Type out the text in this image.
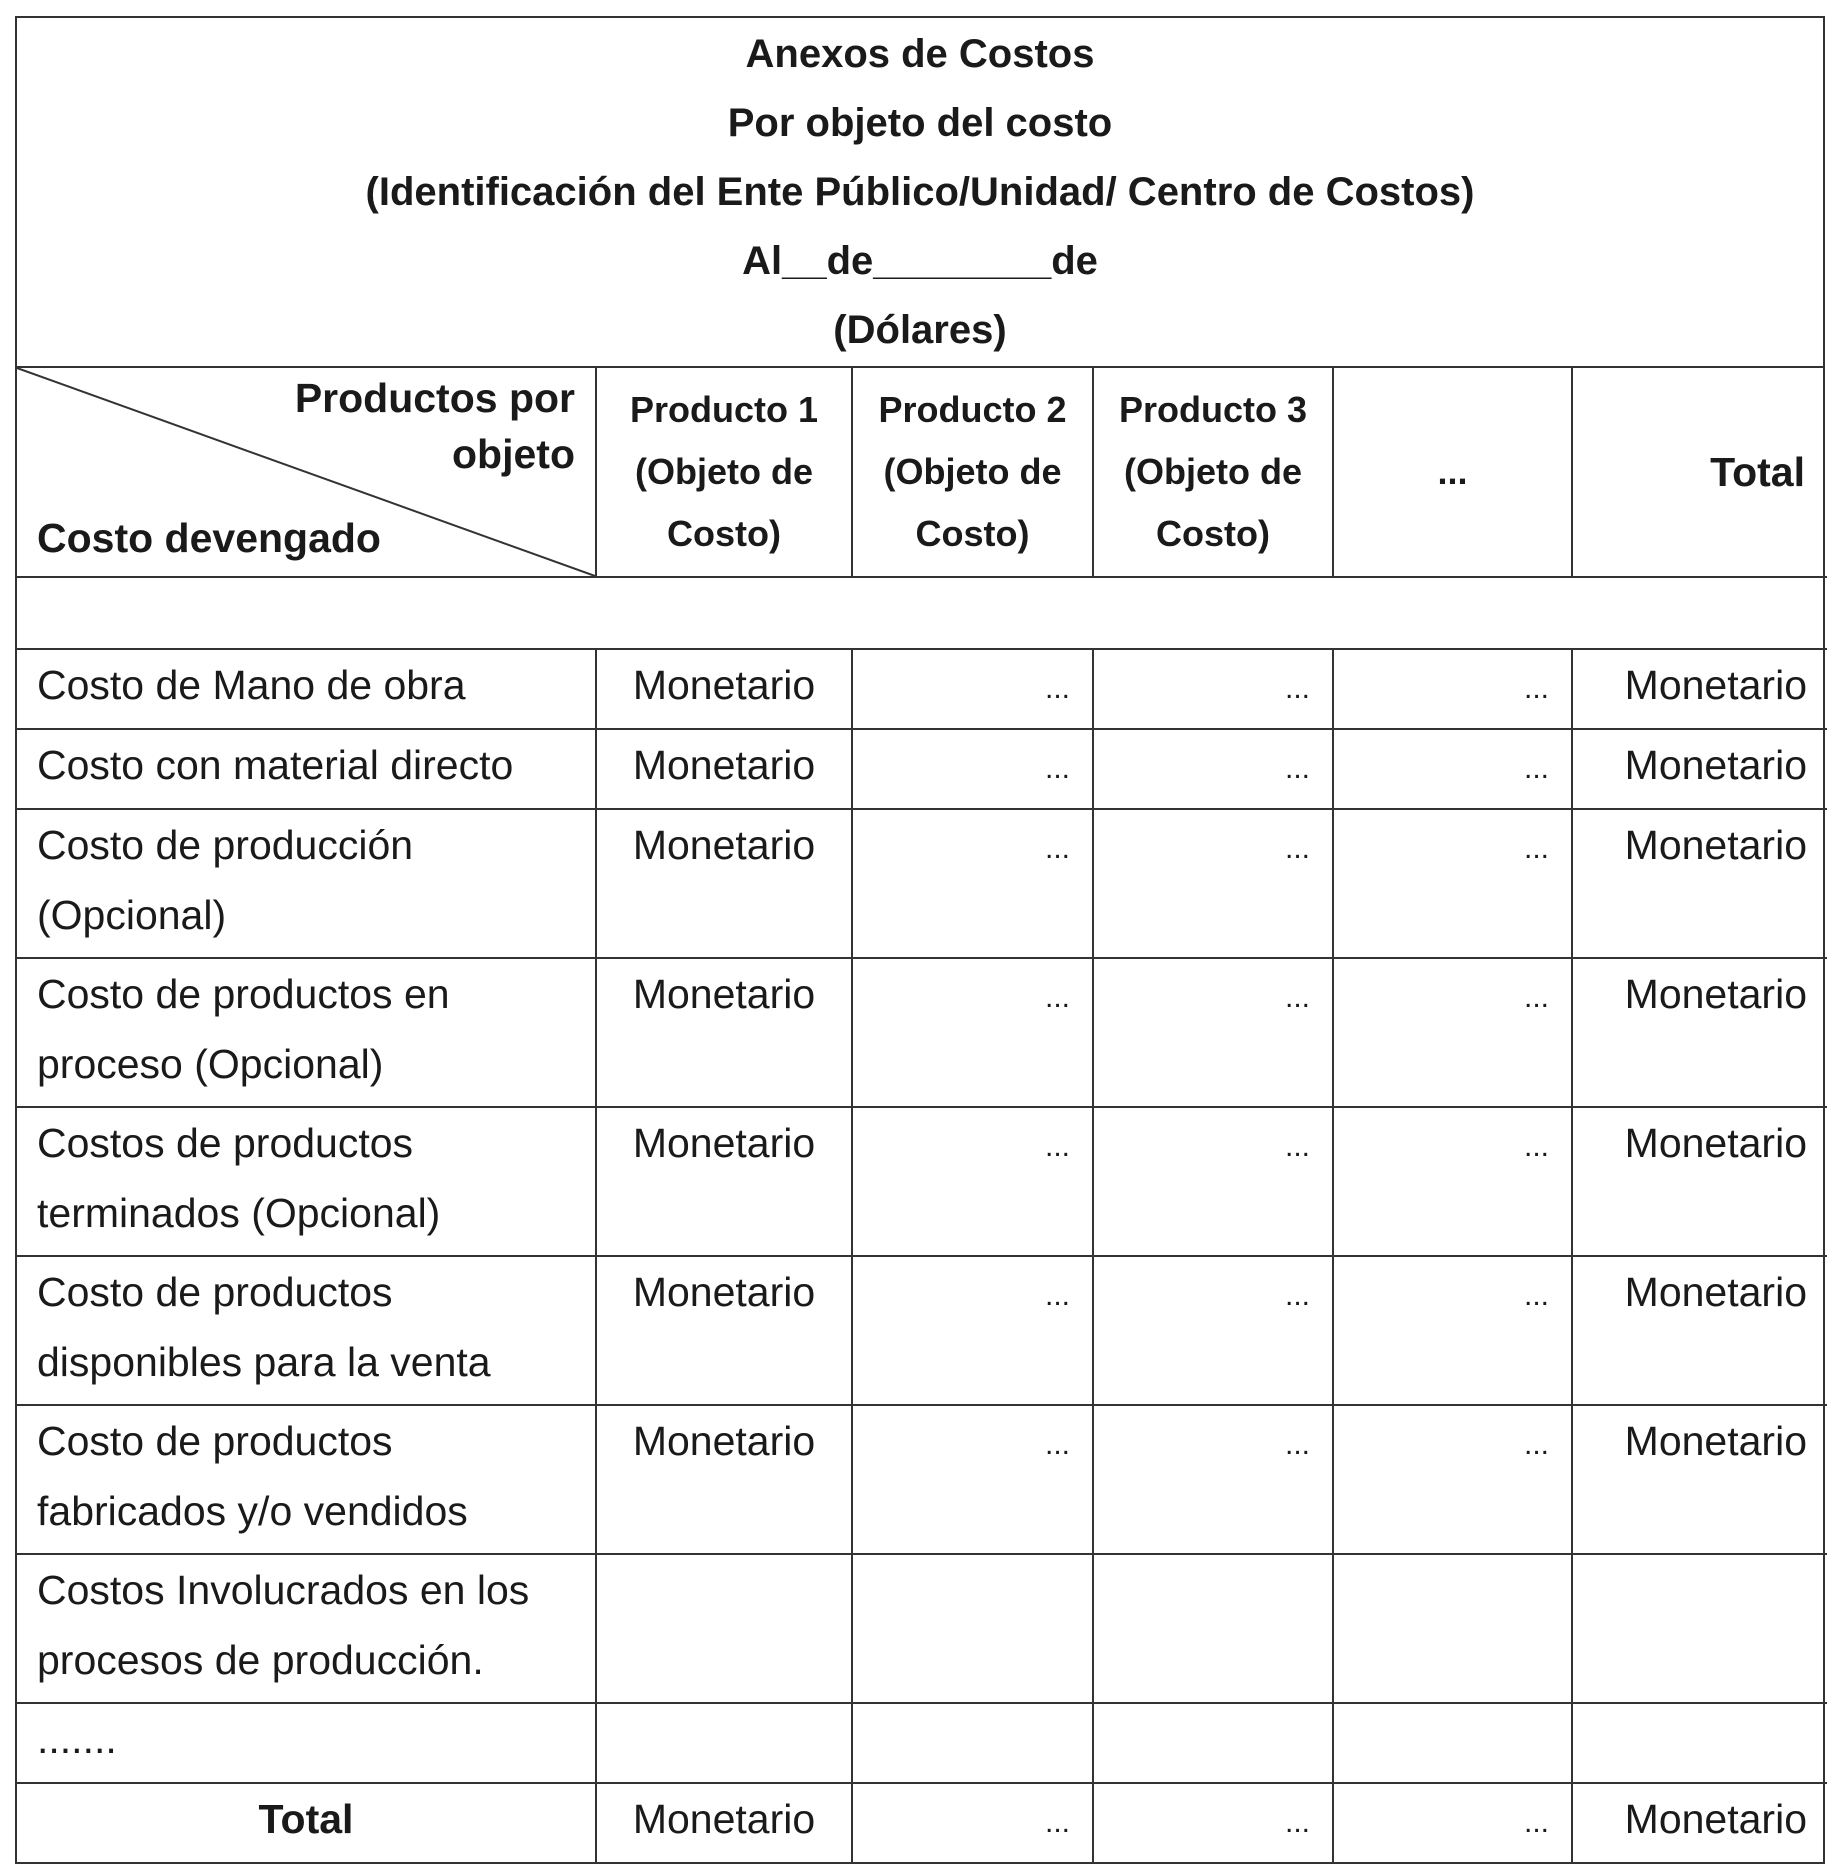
Anexos de Costos
Por objeto del costo
(Identificación del Ente Público/Unidad/ Centro de Costos)
Al__de________de
(Dólares)
Productos por objeto
Costo devengado
	Producto 1 (Objeto de Costo)	Producto 2 (Objeto de Costo)	Producto 3 (Objeto de Costo)	...	Total

Costo de Mano de obra	Monetario	...	...	...	Monetario
Costo con material directo	Monetario	...	...	...	Monetario
Costo de producción (Opcional)	Monetario	...	...	...	Monetario
Costo de productos en proceso (Opcional)	Monetario	...	...	...	Monetario
Costos de productos terminados (Opcional)	Monetario	...	...	...	Monetario
Costo de productos disponibles para la venta	Monetario	...	...	...	Monetario
Costo de productos fabricados y/o vendidos	Monetario	...	...	...	Monetario
Costos Involucrados en los procesos de producción.					
.......					
Total	Monetario	...	...	...	Monetario
